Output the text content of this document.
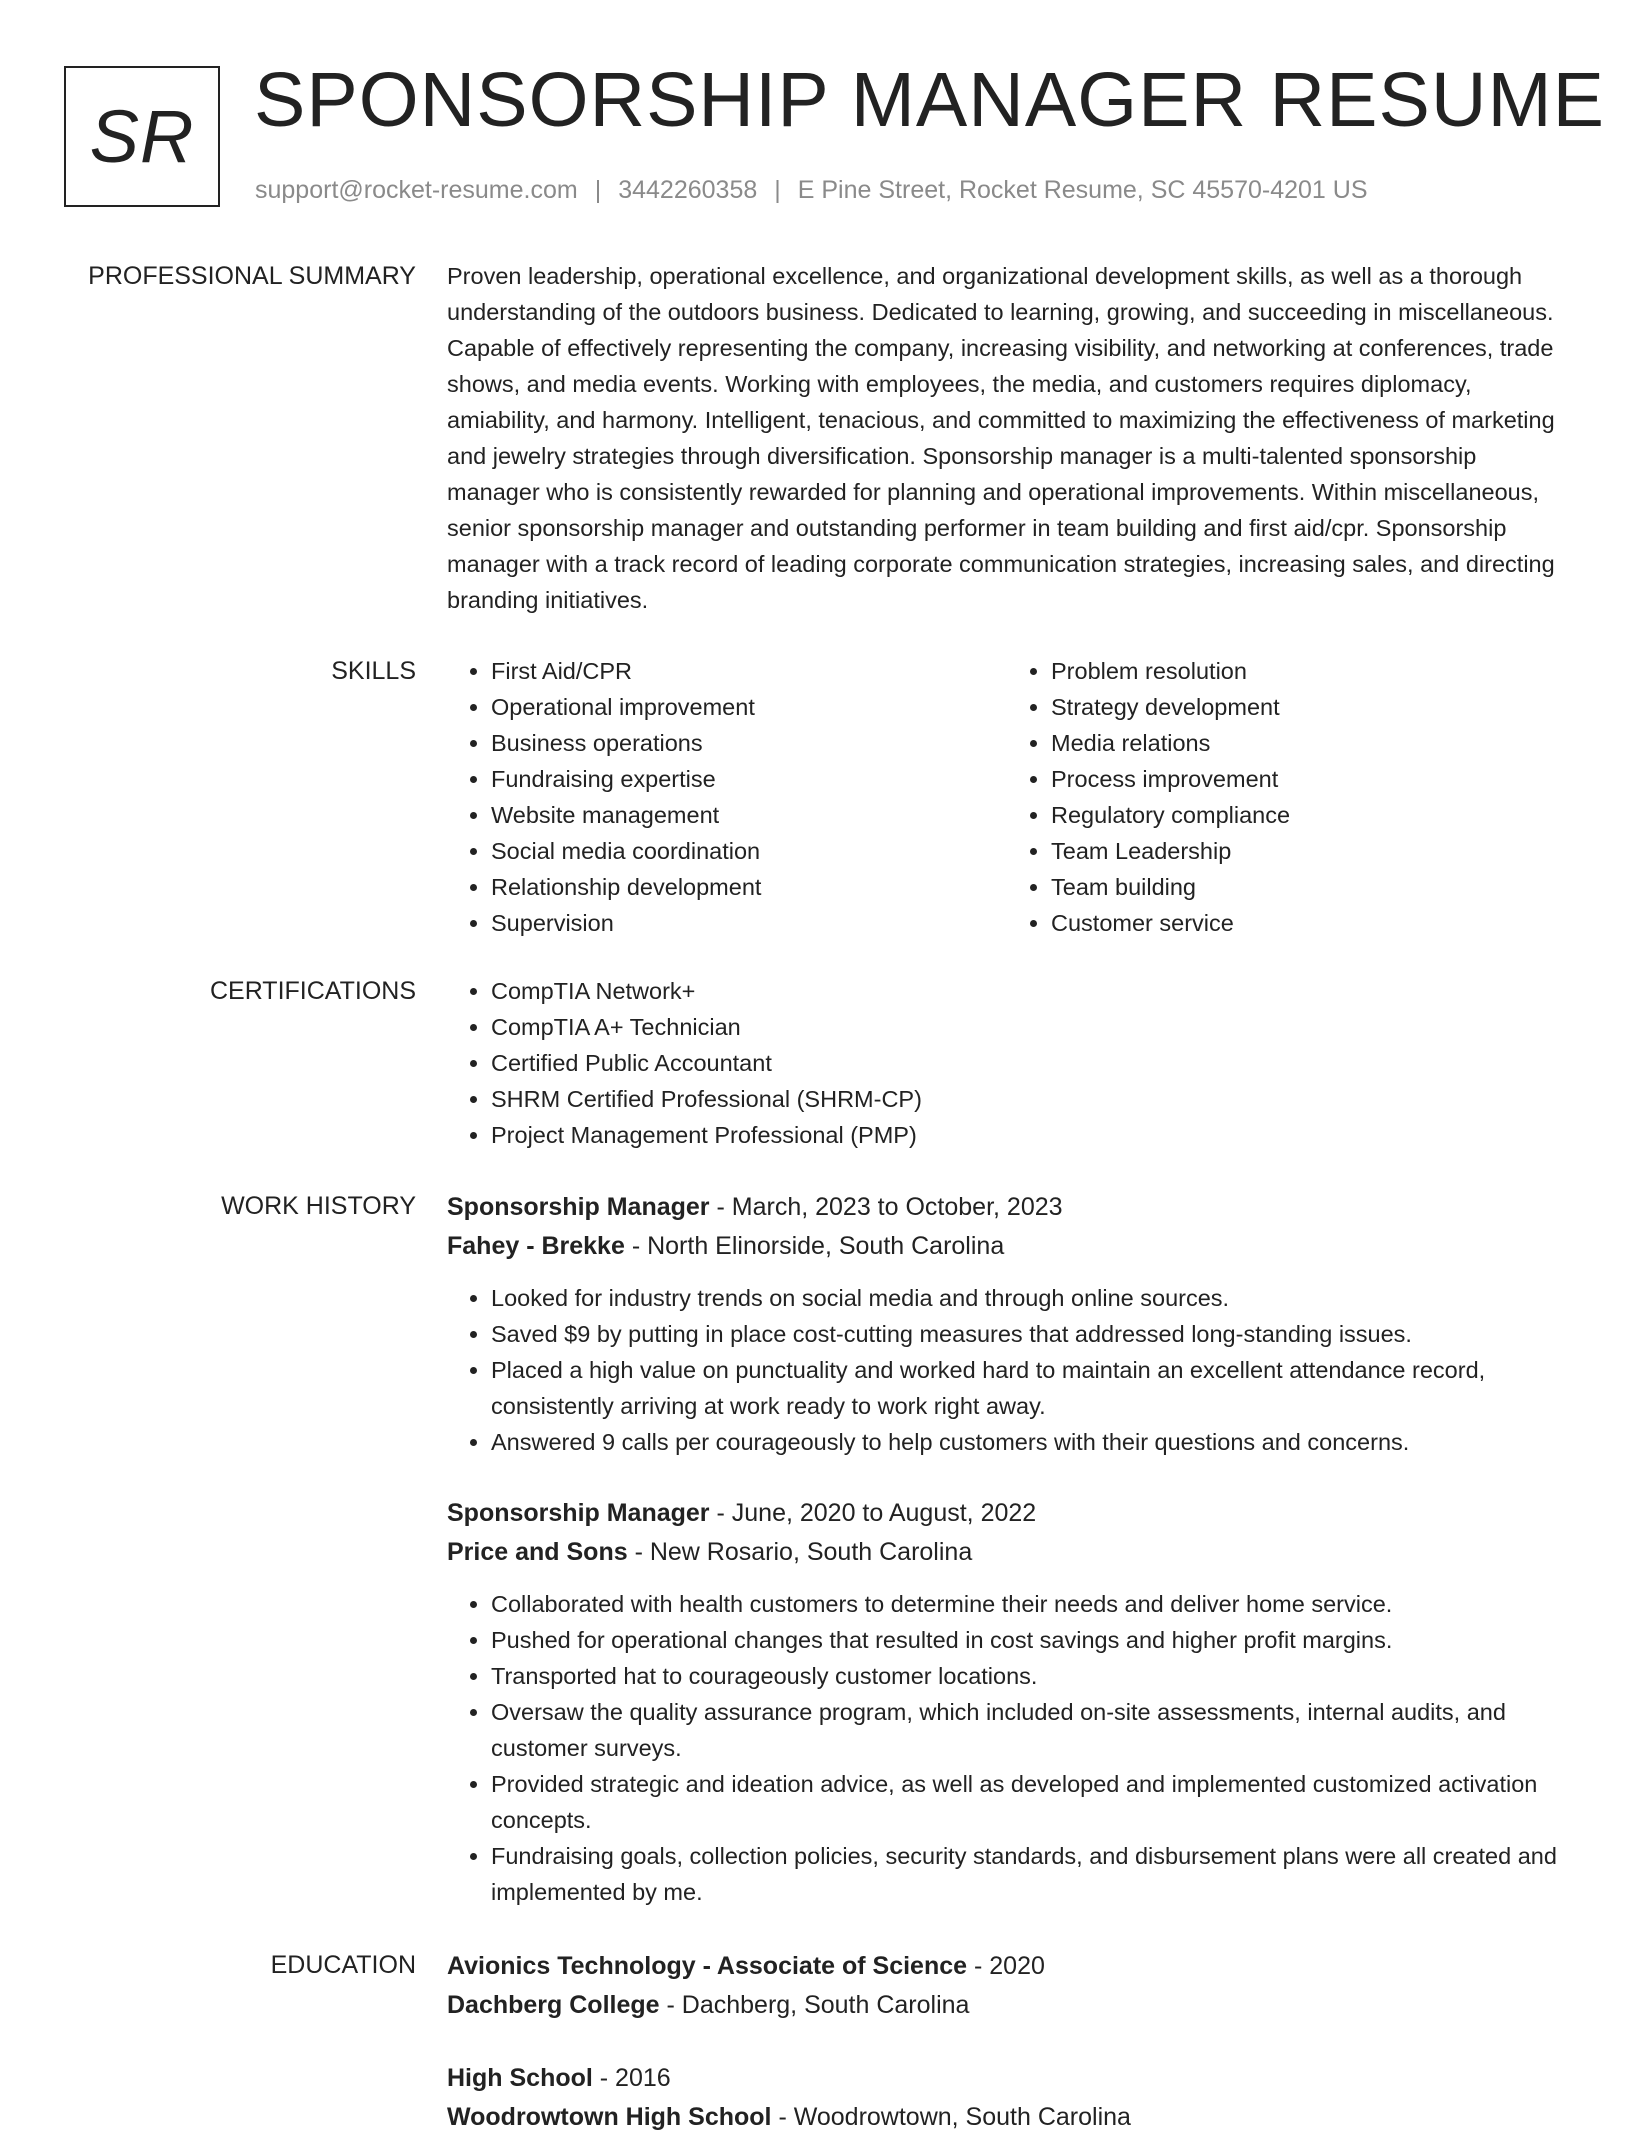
SR SPONSORSHIP MANAGER RESUME
support@rocket-resume.com | 3442260358 | E Pine Street, Rocket Resume, SC 45570-4201 US
PROFESSIONAL SUMMARY Proven leadership, operational excellence, and organizational development skills, as well as a thorough understanding of the outdoors business. Dedicated to learning, growing, and succeeding in miscellaneous. Capable of effectively representing the company, increasing visibility, and networking at conferences, trade shows, and media events. Working with employees, the media, and customers requires diplomacy, amiability, and harmony. Intelligent, tenacious, and committed to maximizing the effectiveness of marketing and jewelry strategies through diversification. Sponsorship manager is a multi-talented sponsorship manager who is consistently rewarded for planning and operational improvements. Within miscellaneous, senior sponsorship manager and outstanding performer in team building and first aid/cpr. Sponsorship manager with a track record of leading corporate communication strategies, increasing sales, and directing branding initiatives.

SKILLS	• First Aid/CPR
• Operational improvement
• Business operations
• Fundraising expertise
• Website management
• Social media coordination
• Relationship development
• Supervision
• Problem resolution
• Strategy development
• Media relations
• Process improvement
• Regulatory compliance
• Team Leadership
• Team building
• Customer service
CERTIFICATIONS	• CompTIA Network+
• CompTIA A+ Technician
• Certified Public Accountant
• SHRM Certified Professional (SHRM-CP)
• Project Management Professional (PMP)
WORK HISTORY Sponsorship Manager - March, 2023 to October, 2023
Fahey - Brekke - North Elinorside, South Carolina
• Looked for industry trends on social media and through online sources.
• Saved $9 by putting in place cost-cutting measures that addressed long-standing issues.
• Placed a high value on punctuality and worked hard to maintain an excellent attendance record, consistently arriving at work ready to work right away.
• Answered 9 calls per courageously to help customers with their questions and concerns.
Sponsorship Manager - June, 2020 to August, 2022
Price and Sons - New Rosario, South Carolina
• Collaborated with health customers to determine their needs and deliver home service.
• Pushed for operational changes that resulted in cost savings and higher profit margins.
• Transported hat to courageously customer locations.
• Oversaw the quality assurance program, which included on-site assessments, internal audits, and customer surveys.
• Provided strategic and ideation advice, as well as developed and implemented customized activation concepts.
• Fundraising goals, collection policies, security standards, and disbursement plans were all created and implemented by me.
EDUCATION Avionics Technology - Associate of Science - 2020
Dachberg College - Dachberg, South Carolina
High School - 2016
Woodrowtown High School - Woodrowtown, South Carolina
